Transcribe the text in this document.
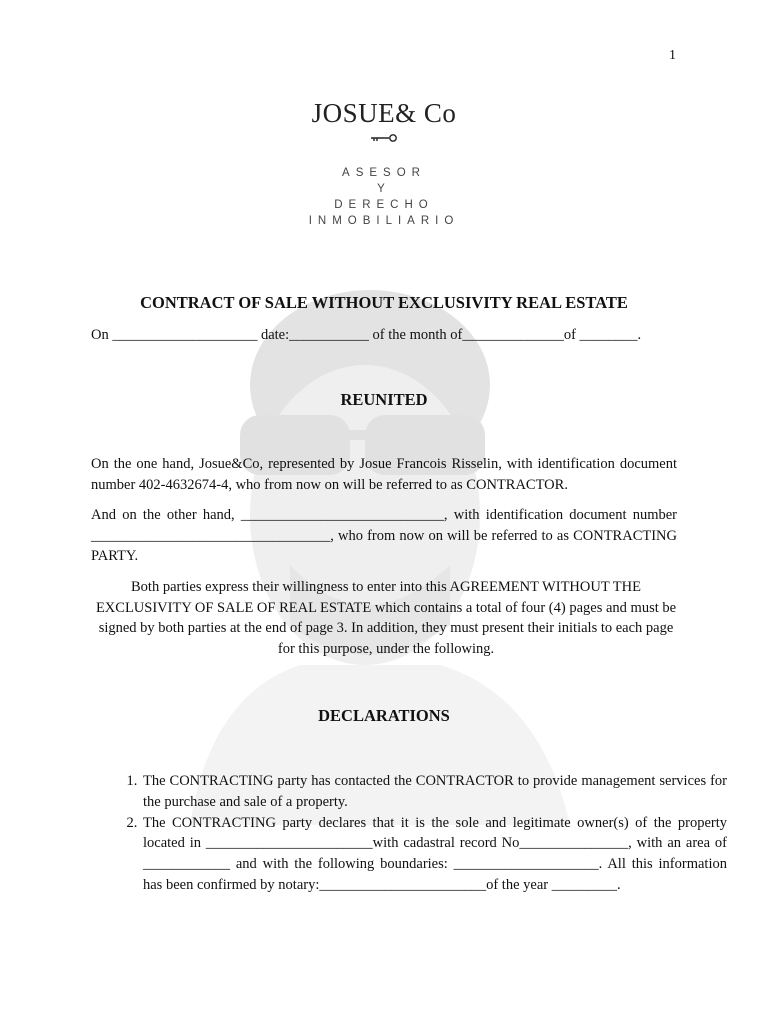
1
JOSUE& Co
ASESOR
Y
DERECHO
INMOBILIARIO
CONTRACT OF SALE WITHOUT EXCLUSIVITY REAL ESTATE
On ____________________ date:___________ of the month of______________of ________.
REUNITED
On the one hand, Josue&Co, represented by Josue Francois Risselin, with identification document number 402-4632674-4, who from now on will be referred to as CONTRACTOR.
And on the other hand, ____________________________, with identification document number _________________________________, who from now on will be referred to as CONTRACTING PARTY.
Both parties express their willingness to enter into this AGREEMENT WITHOUT THE EXCLUSIVITY OF SALE OF REAL ESTATE which contains a total of four (4) pages and must be signed by both parties at the end of page 3. In addition, they must present their initials to each page for this purpose, under the following.
DECLARATIONS
1. The CONTRACTING party has contacted the CONTRACTOR to provide management services for the purchase and sale of a property.
2. The CONTRACTING party declares that it is the sole and legitimate owner(s) of the property located in _______________________with cadastral record No_______________, with an area of ____________ and with the following boundaries: ____________________. All this information has been confirmed by notary:_______________________of the year _________.
